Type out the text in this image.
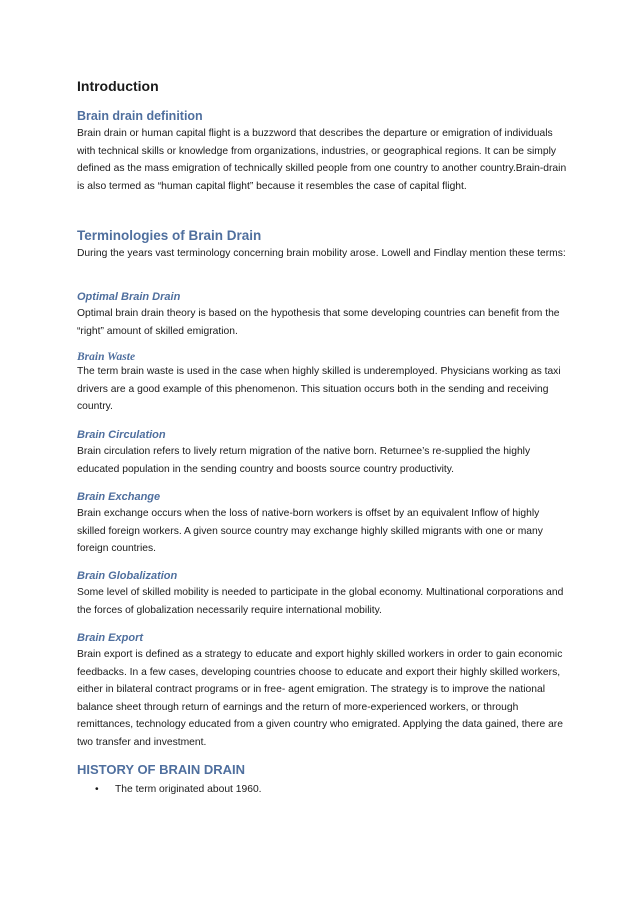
Introduction

Brain drain definition

Brain drain or human capital flight is a buzzword that describes the departure or emigration of individuals with technical skills or knowledge from organizations, industries, or geographical regions. It can be simply defined as the mass emigration of technically skilled people from one country to another country.Brain-drain is also termed as “human capital flight” because it resembles the case of capital flight.

Terminologies of Brain Drain

During the years vast terminology concerning brain mobility arose. Lowell and Findlay mention these terms:

Optimal Brain Drain

Optimal brain drain theory is based on the hypothesis that some developing countries can benefit from the “right” amount of skilled emigration.

Brain Waste

The term brain waste is used in the case when highly skilled is underemployed. Physicians working as taxi drivers are a good example of this phenomenon. This situation occurs both in the sending and receiving country.

Brain Circulation

Brain circulation refers to lively return migration of the native born. Returnee’s re-supplied the highly educated population in the sending country and boosts source country productivity.

Brain Exchange

Brain exchange occurs when the loss of native-born workers is offset by an equivalent Inflow of highly skilled foreign workers. A given source country may exchange highly skilled migrants with one or many foreign countries.

Brain Globalization

Some level of skilled mobility is needed to participate in the global economy. Multinational corporations and the forces of globalization necessarily require international mobility.

Brain Export

Brain export is defined as a strategy to educate and export highly skilled workers in order to gain economic feedbacks. In a few cases, developing countries choose to educate and export their highly skilled workers, either in bilateral contract programs or in free- agent emigration. The strategy is to improve the national balance sheet through return of earnings and the return of more-experienced workers, or through remittances, technology educated from a given country who emigrated. Applying the data gained, there are two transfer and investment.

HISTORY OF BRAIN DRAIN

• The term originated about 1960.
